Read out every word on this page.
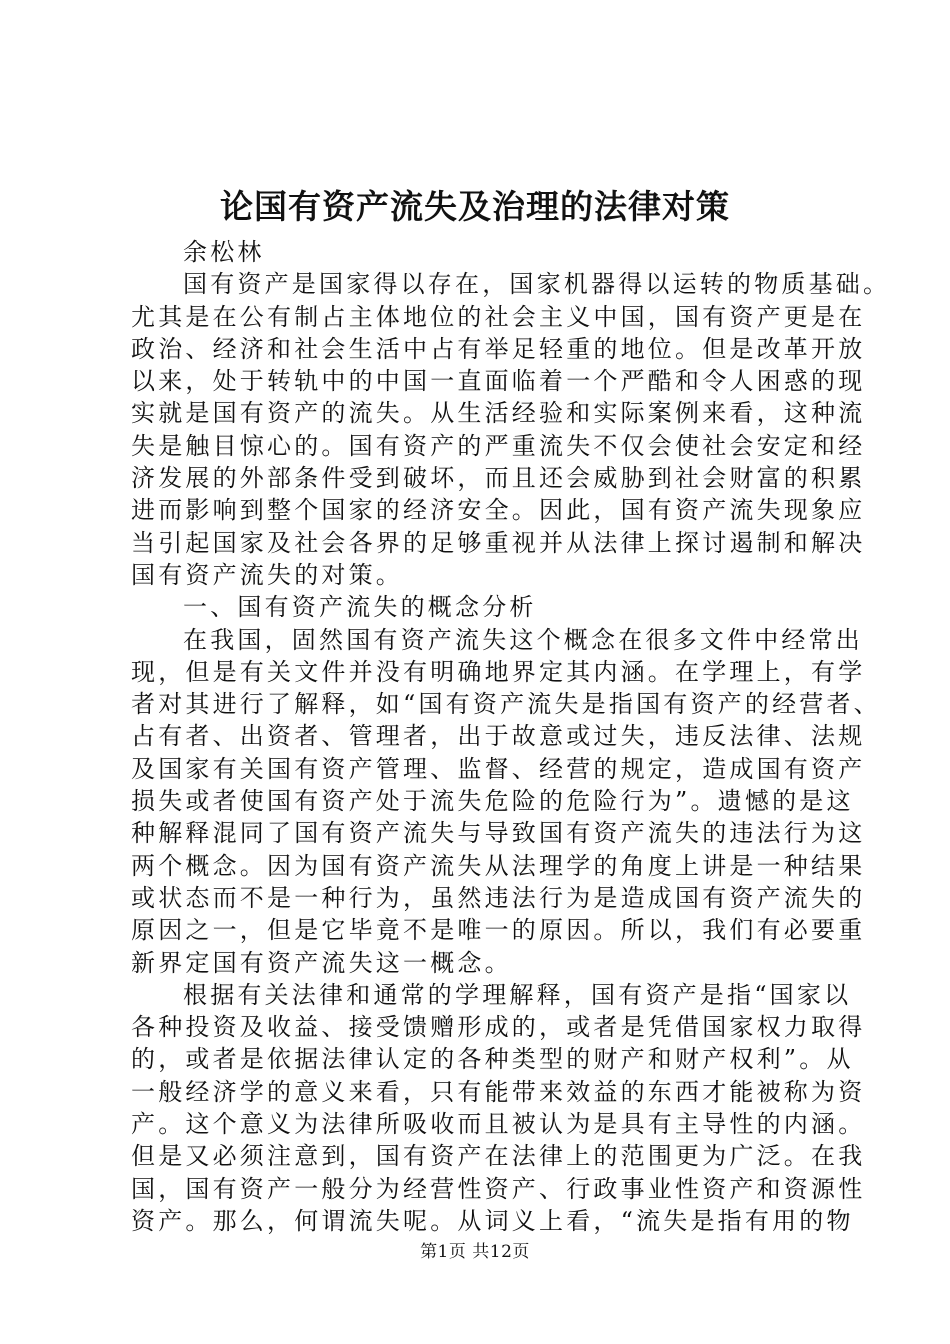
论国有资产流失及治理的法律对策
余松林
国有资产是国家得以存在，国家机器得以运转的物质基础。
尤其是在公有制占主体地位的社会主义中国，国有资产更是在
政治、经济和社会生活中占有举足轻重的地位。但是改革开放
以来，处于转轨中的中国一直面临着一个严酷和令人困惑的现
实就是国有资产的流失。从生活经验和实际案例来看，这种流
失是触目惊心的。国有资产的严重流失不仅会使社会安定和经
济发展的外部条件受到破坏，而且还会威胁到社会财富的积累
进而影响到整个国家的经济安全。因此，国有资产流失现象应
当引起国家及社会各界的足够重视并从法律上探讨遏制和解决
国有资产流失的对策。
一、国有资产流失的概念分析
在我国，固然国有资产流失这个概念在很多文件中经常出
现，但是有关文件并没有明确地界定其内涵。在学理上，有学
者对其进行了解释，如“国有资产流失是指国有资产的经营者、
占有者、出资者、管理者，出于故意或过失，违反法律、法规
及国家有关国有资产管理、监督、经营的规定，造成国有资产
损失或者使国有资产处于流失危险的危险行为”。遗憾的是这
种解释混同了国有资产流失与导致国有资产流失的违法行为这
两个概念。因为国有资产流失从法理学的角度上讲是一种结果
或状态而不是一种行为，虽然违法行为是造成国有资产流失的
原因之一，但是它毕竟不是唯一的原因。所以，我们有必要重
新界定国有资产流失这一概念。
根据有关法律和通常的学理解释，国有资产是指“国家以
各种投资及收益、接受馈赠形成的，或者是凭借国家权力取得
的，或者是依据法律认定的各种类型的财产和财产权利”。从
一般经济学的意义来看，只有能带来效益的东西才能被称为资
产。这个意义为法律所吸收而且被认为是具有主导性的内涵。
但是又必须注意到，国有资产在法律上的范围更为广泛。在我
国，国有资产一般分为经营性资产、行政事业性资产和资源性
资产。那么，何谓流失呢。从词义上看，“流失是指有用的物
第1页 共12页
